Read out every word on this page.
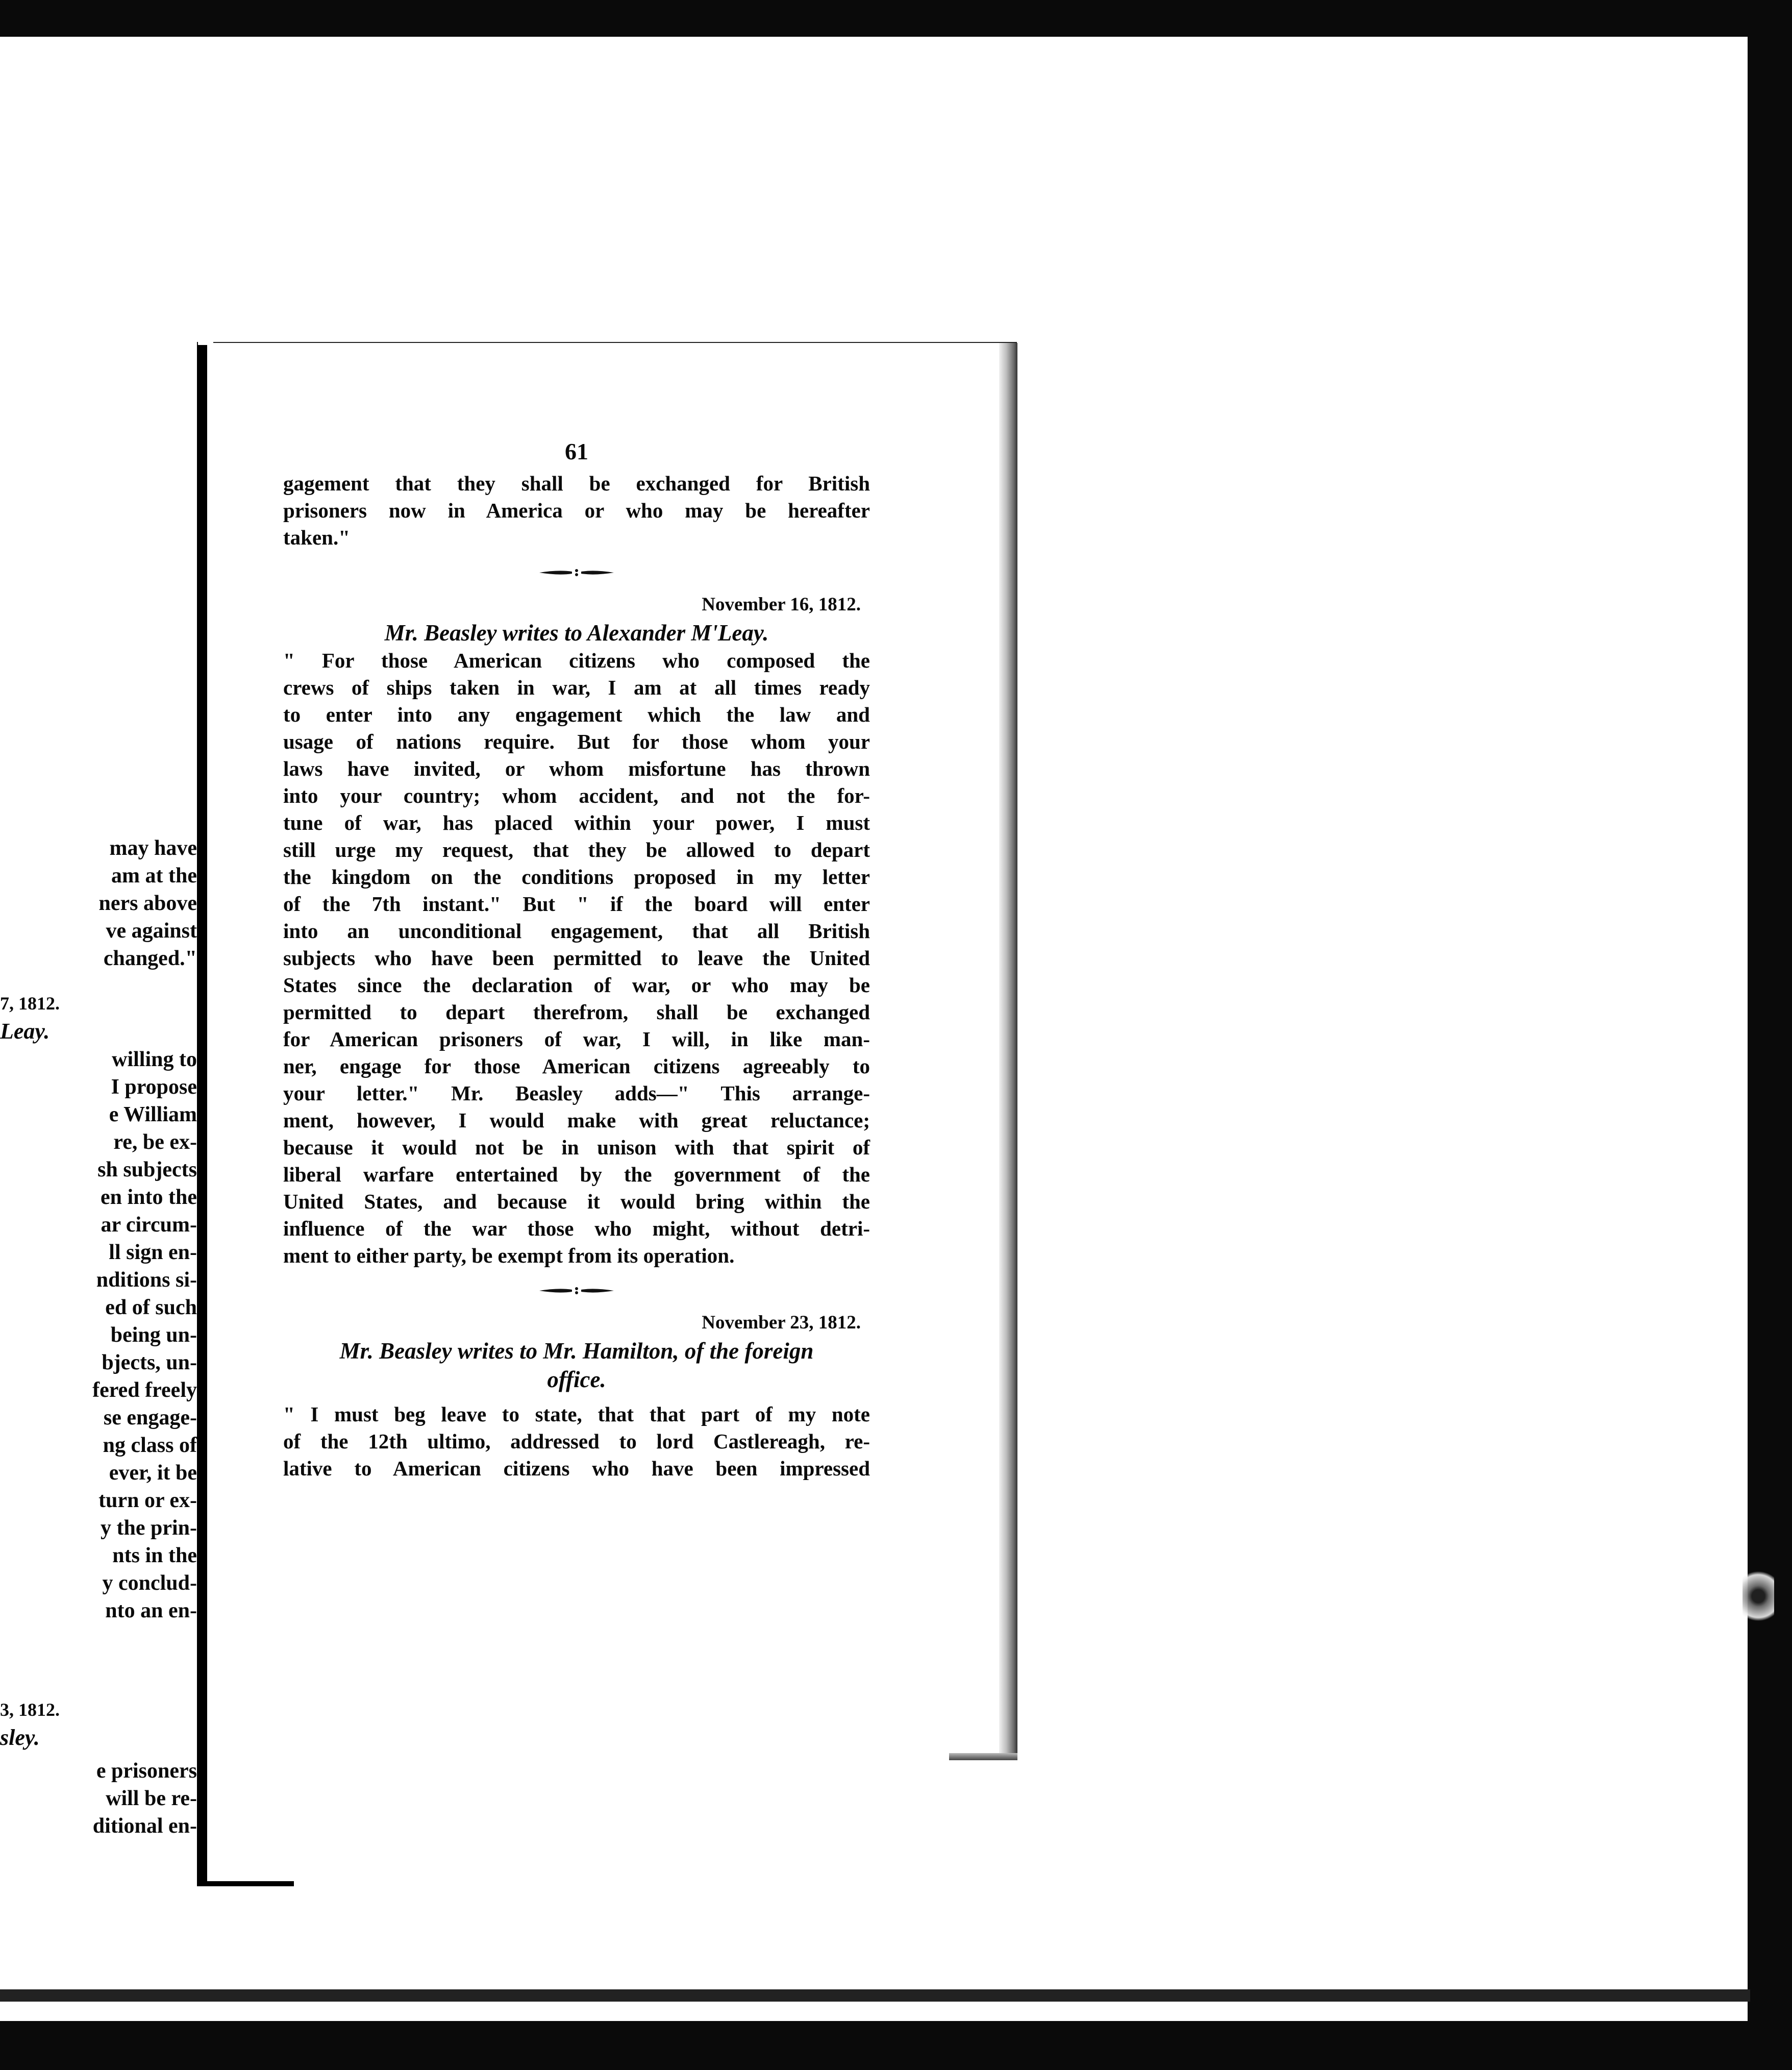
may have
am at the
ners above
ve against
changed."
7, 1812.
Leay.
willing to
I propose
e William
re, be ex-
sh subjects
en into the
ar circum-
ll sign en-
nditions si-
ed of such
being un-
bjects, un-
fered freely
se engage-
ng class of
ever, it be
turn or ex-
y the prin-
nts in the
y conclud-
nto an en-
3, 1812.
sley.
e prisoners
will be re-
ditional en-
61
gagement that they shall be exchanged for British
prisoners now in America or who may be hereafter
taken."
November 16, 1812.
Mr. Beasley writes to Alexander M'Leay.
" For those American citizens who composed the
crews of ships taken in war, I am at all times ready
to enter into any engagement which the law and
usage of nations require. But for those whom your
laws have invited, or whom misfortune has thrown
into your country; whom accident, and not the for-
tune of war, has placed within your power, I must
still urge my request, that they be allowed to depart
the kingdom on the conditions proposed in my letter
of the 7th instant." But " if the board will enter
into an unconditional engagement, that all British
subjects who have been permitted to leave the United
States since the declaration of war, or who may be
permitted to depart therefrom, shall be exchanged
for American prisoners of war, I will, in like man-
ner, engage for those American citizens agreeably to
your letter." Mr. Beasley adds—" This arrange-
ment, however, I would make with great reluctance;
because it would not be in unison with that spirit of
liberal warfare entertained by the government of the
United States, and because it would bring within the
influence of the war those who might, without detri-
ment to either party, be exempt from its operation.
November 23, 1812.
Mr. Beasley writes to Mr. Hamilton, of the foreign
office.
" I must beg leave to state, that that part of my note
of the 12th ultimo, addressed to lord Castlereagh, re-
lative to American citizens who have been impressed
